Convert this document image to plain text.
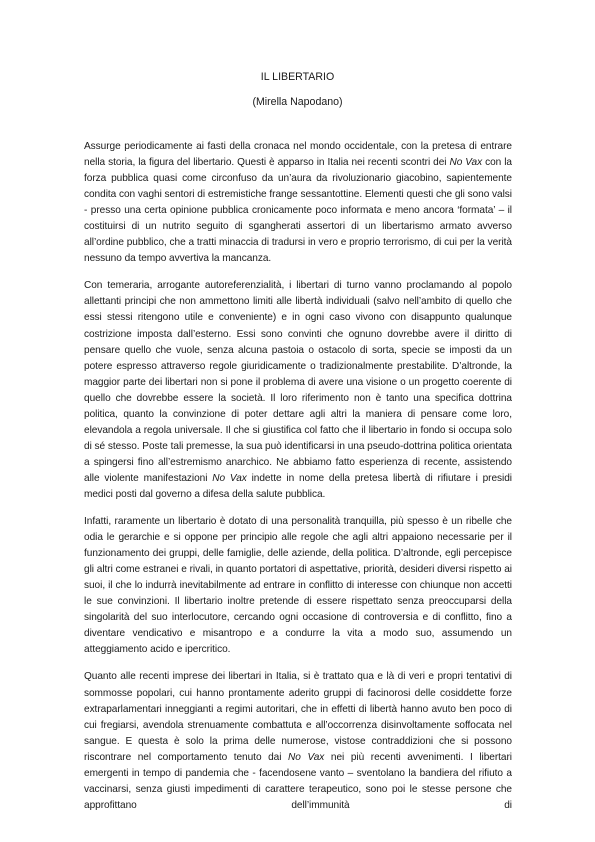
IL LIBERTARIO

(Mirella Napodano)

Assurge periodicamente ai fasti della cronaca nel mondo occidentale, con la pretesa di entrare nella storia, la figura del libertario. Questi è apparso in Italia nei recenti scontri dei No Vax con la forza pubblica quasi come circonfuso da un’aura da rivoluzionario giacobino, sapientemente condita con vaghi sentori di estremistiche frange sessantottine. Elementi questi che gli sono valsi - presso una certa opinione pubblica cronicamente poco informata e meno ancora ‘formata’ – il costituirsi di un nutrito seguito di sgangherati assertori di un libertarismo armato avverso all’ordine pubblico, che a tratti minaccia di tradursi in vero e proprio terrorismo, di cui per la verità nessuno da tempo avvertiva la mancanza.

Con temeraria, arrogante autoreferenzialità, i libertari di turno vanno proclamando al popolo allettanti principi che non ammettono limiti alle libertà individuali (salvo nell’ambito di quello che essi stessi ritengono utile e conveniente) e in ogni caso vivono con disappunto qualunque costrizione imposta dall’esterno. Essi sono convinti che ognuno dovrebbe avere il diritto di pensare quello che vuole, senza alcuna pastoia o ostacolo di sorta, specie se imposti da un potere espresso attraverso regole giuridicamente o tradizionalmente prestabilite. D’altronde, la maggior parte dei libertari non si pone il problema di avere una visione o un progetto coerente di quello che dovrebbe essere la società. Il loro riferimento non è tanto una specifica dottrina politica, quanto la convinzione di poter dettare agli altri la maniera di pensare come loro, elevandola a regola universale. Il che si giustifica col fatto che il libertario in fondo si occupa solo di sé stesso. Poste tali premesse, la sua può identificarsi in una pseudo-dottrina politica orientata a spingersi fino all’estremismo anarchico. Ne abbiamo fatto esperienza di recente, assistendo alle violente manifestazioni No Vax indette in nome della pretesa libertà di rifiutare i presidi medici posti dal governo a difesa della salute pubblica.

Infatti, raramente un libertario è dotato di una personalità tranquilla, più spesso è un ribelle che odia le gerarchie e si oppone per principio alle regole che agli altri appaiono necessarie per il funzionamento dei gruppi, delle famiglie, delle aziende, della politica. D’altronde, egli percepisce gli altri come estranei e rivali, in quanto portatori di aspettative, priorità, desideri diversi rispetto ai suoi, il che lo indurrà inevitabilmente ad entrare in conflitto di interesse con chiunque non accetti le sue convinzioni. Il libertario inoltre pretende di essere rispettato senza preoccuparsi della singolarità del suo interlocutore, cercando ogni occasione di controversia e di conflitto, fino a diventare vendicativo e misantropo e a condurre la vita a modo suo, assumendo un atteggiamento acido e ipercritico.

Quanto alle recenti imprese dei libertari in Italia, si è trattato qua e là di veri e propri tentativi di sommosse popolari, cui hanno prontamente aderito gruppi di facinorosi delle cosiddette forze extraparlamentari inneggianti a regimi autoritari, che in effetti di libertà hanno avuto ben poco di cui fregiarsi, avendola strenuamente combattuta e all’occorrenza disinvoltamente soffocata nel sangue. E questa è solo la prima delle numerose, vistose contraddizioni che si possono riscontrare nel comportamento tenuto dai No Vax nei più recenti avvenimenti. I libertari emergenti in tempo di pandemia che - facendosene vanto – sventolano la bandiera del rifiuto a vaccinarsi, senza giusti impedimenti di carattere terapeutico, sono poi le stesse persone che approfittano dell’immunità di
